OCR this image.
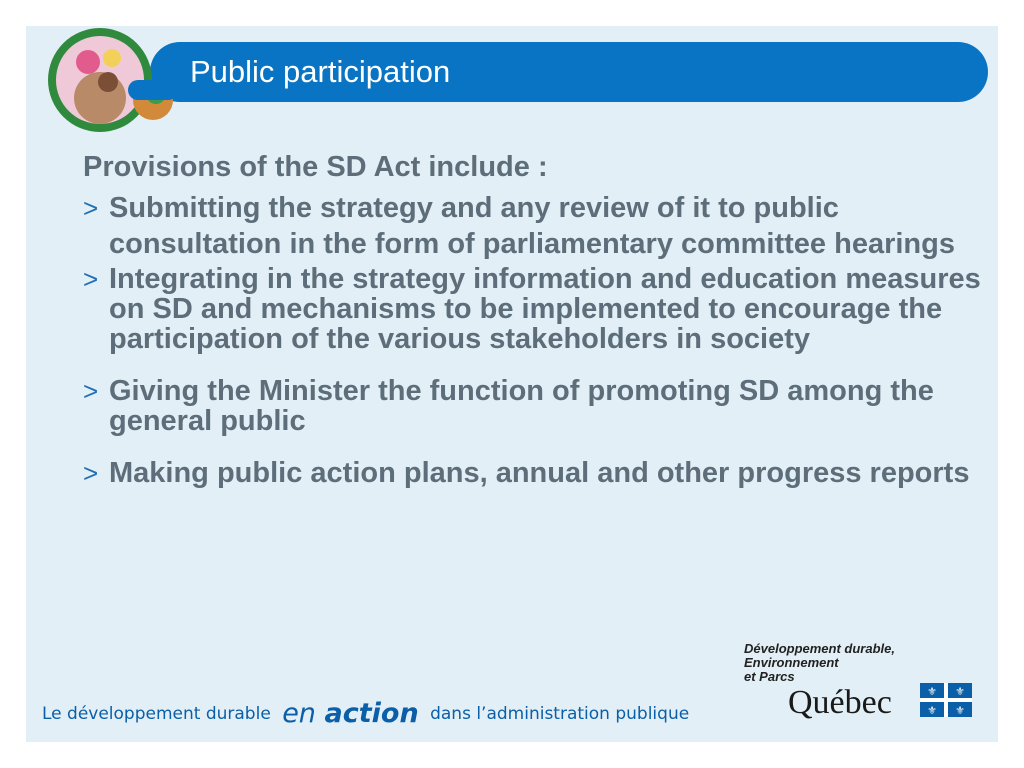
Public participation
Provisions of the SD Act include :
> Submitting the strategy and any review of it to public consultation in the form of parliamentary committee hearings
> Integrating in the strategy information and education measures on SD and mechanisms to be implemented to encourage the participation of the various stakeholders in society
> Giving the Minister the function of promoting SD among the general public
> Making public action plans, annual and other progress reports
Le développement durable en action dans l’administration publique
Développement durable,
Environnement
et Parcs
Québec	⚜ ⚜
⚜ ⚜
